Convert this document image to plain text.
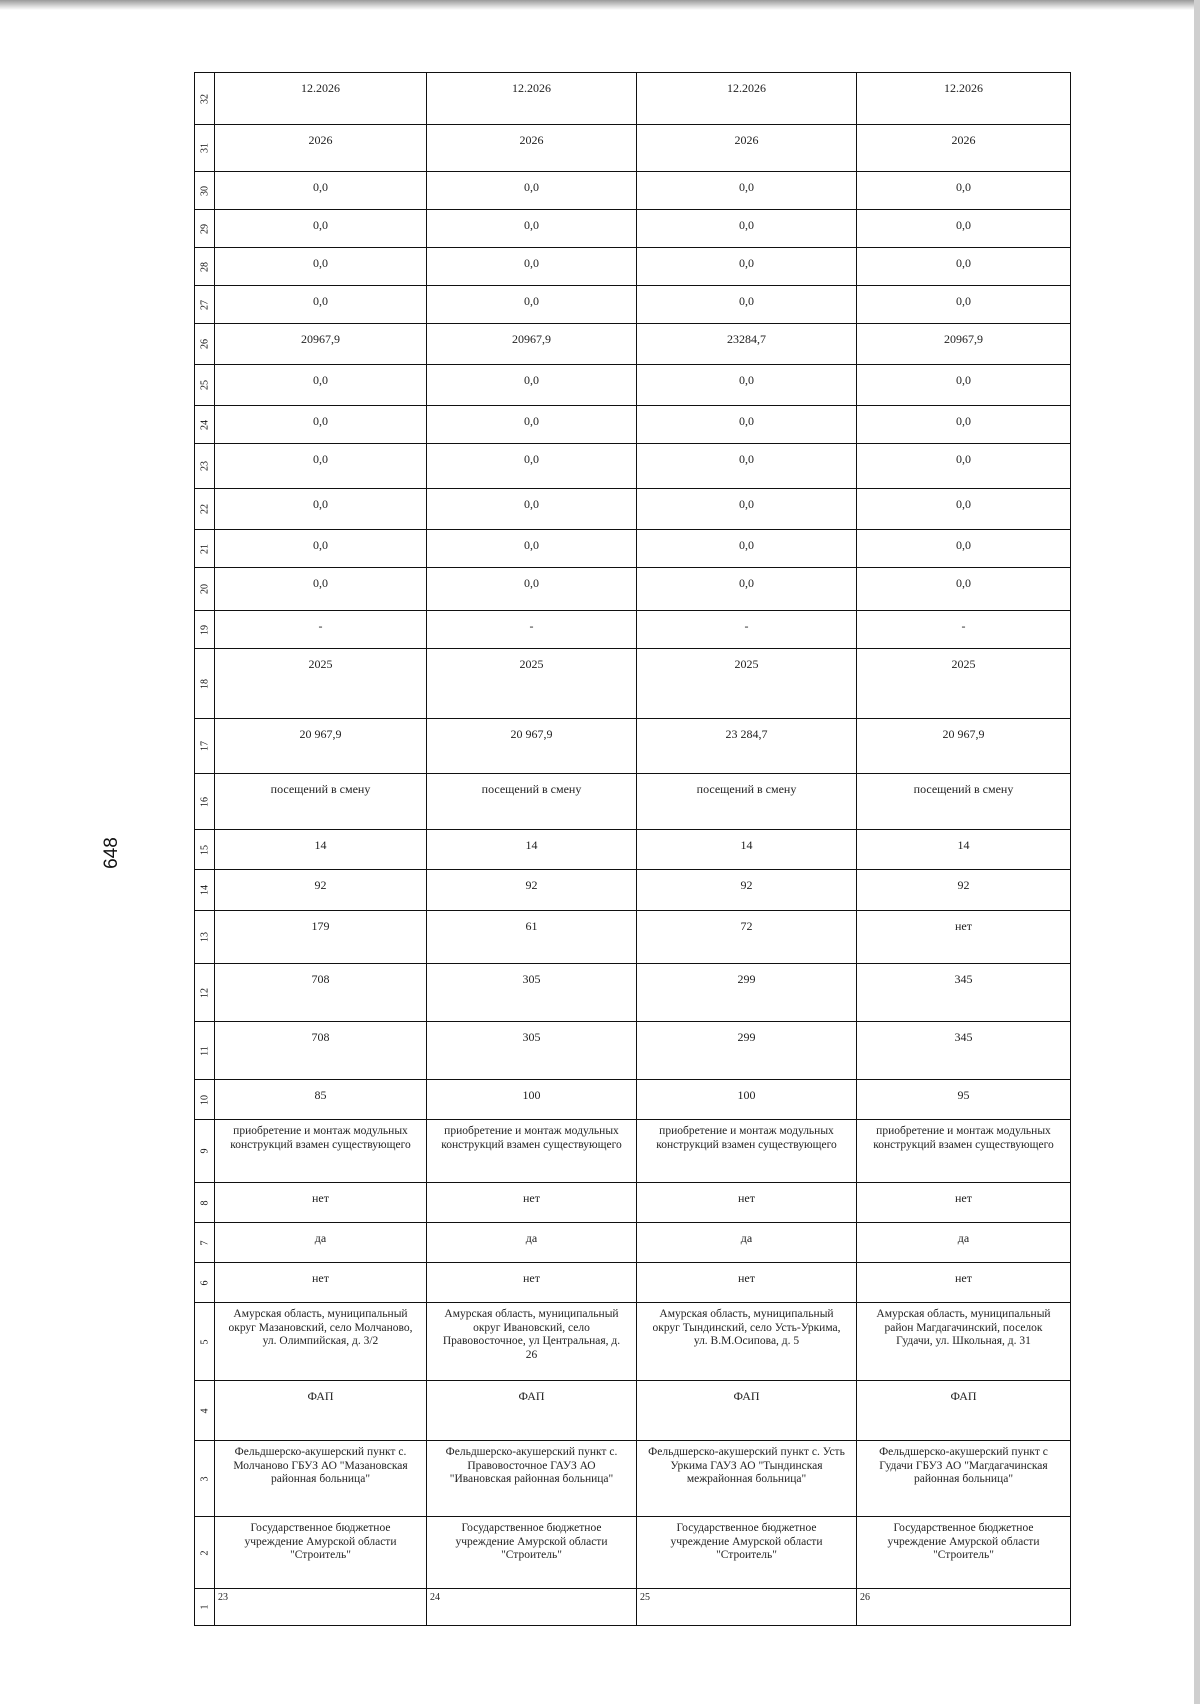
648
32	12.2026	12.2026	12.2026	12.2026

31	2026	2026	2026	2026

30	0,0	0,0	0,0	0,0

29	0,0	0,0	0,0	0,0

28	0,0	0,0	0,0	0,0

27	0,0	0,0	0,0	0,0

26	20967,9	20967,9	23284,7	20967,9

25	0,0	0,0	0,0	0,0

24	0,0	0,0	0,0	0,0

23	0,0	0,0	0,0	0,0

22	0,0	0,0	0,0	0,0

21	0,0	0,0	0,0	0,0

20	0,0	0,0	0,0	0,0

19	-	-	-	-

18	2025	2025	2025	2025

17	20 967,9	20 967,9	23 284,7	20 967,9

16	посещений в смену	посещений в смену	посещений в смену	посещений в смену

15	14	14	14	14

14	92	92	92	92

13	179	61	72	нет

12	708	305	299	345

11	708	305	299	345

10	85	100	100	95

9	приобретение и монтаж модульных конструкций взамен существующего	приобретение и монтаж модульных конструкций взамен существующего	приобретение и монтаж модульных конструкций взамен существующего	приобретение и монтаж модульных конструкций взамен существующего

8	нет	нет	нет	нет

7	да	да	да	да

6	нет	нет	нет	нет

5	Амурская область, муниципальный округ Мазановский, село Молчаново, ул. Олимпийская, д. 3/2	Амурская область, муниципальный округ Ивановский, село Правовосточное, ул Центральная, д. 26	Амурская область, муниципальный округ Тындинский, село Усть-Уркима, ул. В.М.Осипова, д. 5	Амурская область, муниципальный район Магдагачинский, поселок Гудачи, ул. Школьная, д. 31

4	ФАП	ФАП	ФАП	ФАП

3	Фельдшерско-акушерский пункт с. Молчаново ГБУЗ АО "Мазановская районная больница"	Фельдшерско-акушерский пункт с. Правовосточное ГАУЗ АО "Ивановская районная больница"	Фельдшерско-акушерский пункт с. Усть Уркима ГАУЗ АО "Тындинская межрайонная больница"	Фельдшерско-акушерский пункт с Гудачи ГБУЗ АО "Магдагачинская районная больница"

2	Государственное бюджетное учреждение Амурской области "Строитель"	Государственное бюджетное учреждение Амурской области "Строитель"	Государственное бюджетное учреждение Амурской области "Строитель"	Государственное бюджетное учреждение Амурской области "Строитель"

1	23	24	25	26
